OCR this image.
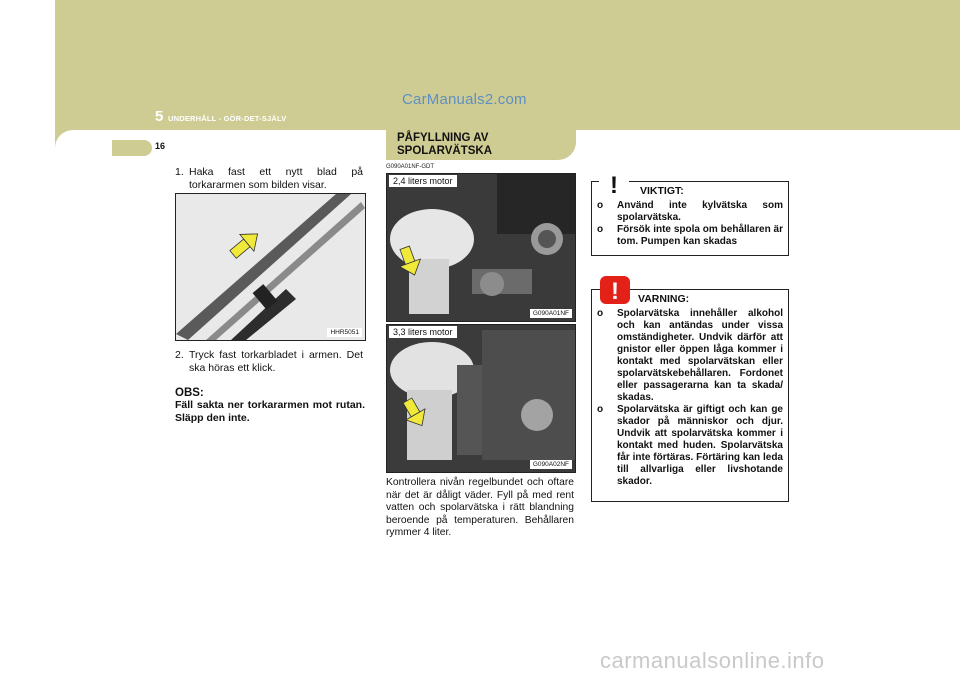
5 UNDERHÅLL - GÖR-DET-SJÄLV
CarManuals2.com
16
1. Haka fast ett nytt blad på torkararmen som bilden visar.
HHR5051
2. Tryck fast torkarbladet i armen. Det ska höras ett klick.
OBS:
Fäll sakta ner torkararmen mot rutan. Släpp den inte.
PÅFYLLNING AV
SPOLARVÄTSKA
G090A01NF-GDT
2,4 liters motor
G090A01NF
3,3 liters motor
G090A02NF
Kontrollera nivån regelbundet och oftare när det är dåligt väder. Fyll på med rent vatten och spolarvätska i rätt blandning beroende på temperaturen. Behållaren rymmer 4 liter.
! VIKTIGT:
o Använd inte kylvätska som spolarvätska.
o Försök inte spola om behållaren är tom. Pumpen kan skadas
! VARNING:
o Spolarvätska innehåller alkohol och kan antändas under vissa omständigheter. Undvik därför att gnistor eller öppen låga kommer i kontakt med spolarvätskan eller spolarvätskebehållaren. Fordonet eller passagerarna kan ta skada/ skadas.
o Spolarvätska är giftigt och kan ge skador på människor och djur. Undvik att spolarvätska kommer i kontakt med huden. Spolarvätska får inte förtäras. Förtäring kan leda till allvarliga eller livshotande skador.
carmanualsonline.info
